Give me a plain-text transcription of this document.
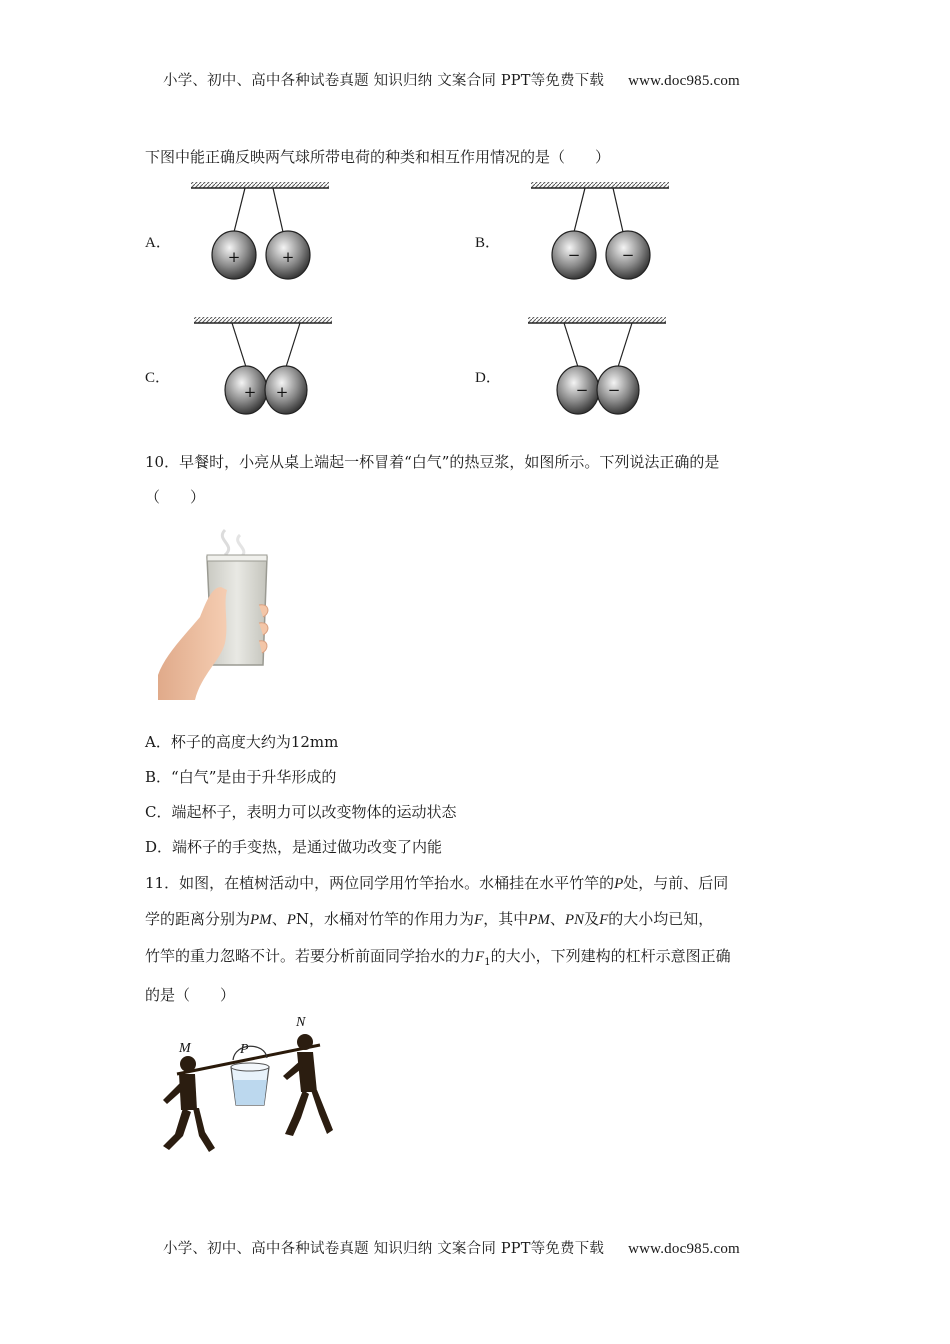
小学、初中、高中各种试卷真题 知识归纳 文案合同 PPT等免费下载 www.doc985.com
下图中能正确反映两气球所带电荷的种类和相互作用情况的是（　　）
A．	B．
C．	D．
+	+	−	−
+ +	− −
10．早餐时，小亮从桌上端起一杯冒着“白气”的热豆浆，如图所示。下列说法正确的是
（　　）
A．杯子的高度大约为12mm
B．“白气”是由于升华形成的
C．端起杯子，表明力可以改变物体的运动状态
D．端杯子的手变热，是通过做功改变了内能
11．如图，在植树活动中，两位同学用竹竿抬水。水桶挂在水平竹竿的P处，与前、后同
学的距离分别为PM、PN，水桶对竹竿的作用力为F，其中PM、PN及F的大小均已知，
竹竿的重力忽略不计。若要分析前面同学抬水的力$F_1$的大小，下列建构的杠杆示意图正确
的是（　　）
M	P
N
小学、初中、高中各种试卷真题 知识归纳 文案合同 PPT等免费下载 www.doc985.com
